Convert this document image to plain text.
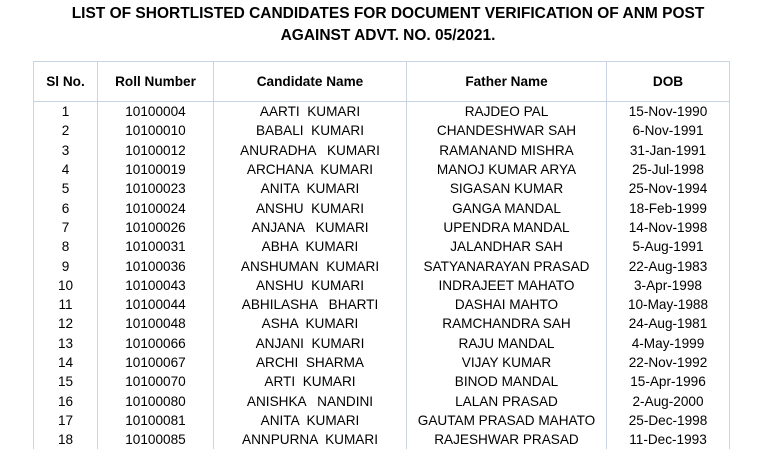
LIST OF SHORTLISTED CANDIDATES FOR DOCUMENT VERIFICATION OF ANM POST
AGAINST ADVT. NO. 05/2021.
Sl No.	Roll Number	Candidate Name	Father Name	DOB
1	10100004	AARTI  KUMARI	RAJDEO PAL	15-Nov-1990
2	10100010	BABALI  KUMARI	CHANDESHWAR SAH	6-Nov-1991
3	10100012	ANURADHA   KUMARI	RAMANAND MISHRA	31-Jan-1991
4	10100019	ARCHANA  KUMARI	MANOJ KUMAR ARYA	25-Jul-1998
5	10100023	ANITA  KUMARI	SIGASAN KUMAR	25-Nov-1994
6	10100024	ANSHU  KUMARI	GANGA MANDAL	18-Feb-1999
7	10100026	ANJANA   KUMARI	UPENDRA MANDAL	14-Nov-1998
8	10100031	ABHA  KUMARI	JALANDHAR SAH	5-Aug-1991
9	10100036	ANSHUMAN  KUMARI	SATYANARAYAN PRASAD	22-Aug-1983
10	10100043	ANSHU  KUMARI	INDRAJEET MAHATO	3-Apr-1998
11	10100044	ABHILASHA   BHARTI	DASHAI MAHTO	10-May-1988
12	10100048	ASHA  KUMARI	RAMCHANDRA SAH	24-Aug-1981
13	10100066	ANJANI  KUMARI	RAJU MANDAL	4-May-1999
14	10100067	ARCHI  SHARMA	VIJAY KUMAR	22-Nov-1992
15	10100070	ARTI  KUMARI	BINOD MANDAL	15-Apr-1996
16	10100080	ANISHKA   NANDINI	LALAN PRASAD	2-Aug-2000
17	10100081	ANITA  KUMARI	GAUTAM PRASAD MAHATO	25-Dec-1998
18	10100085	ANNPURNA  KUMARI	RAJESHWAR PRASAD	11-Dec-1993
